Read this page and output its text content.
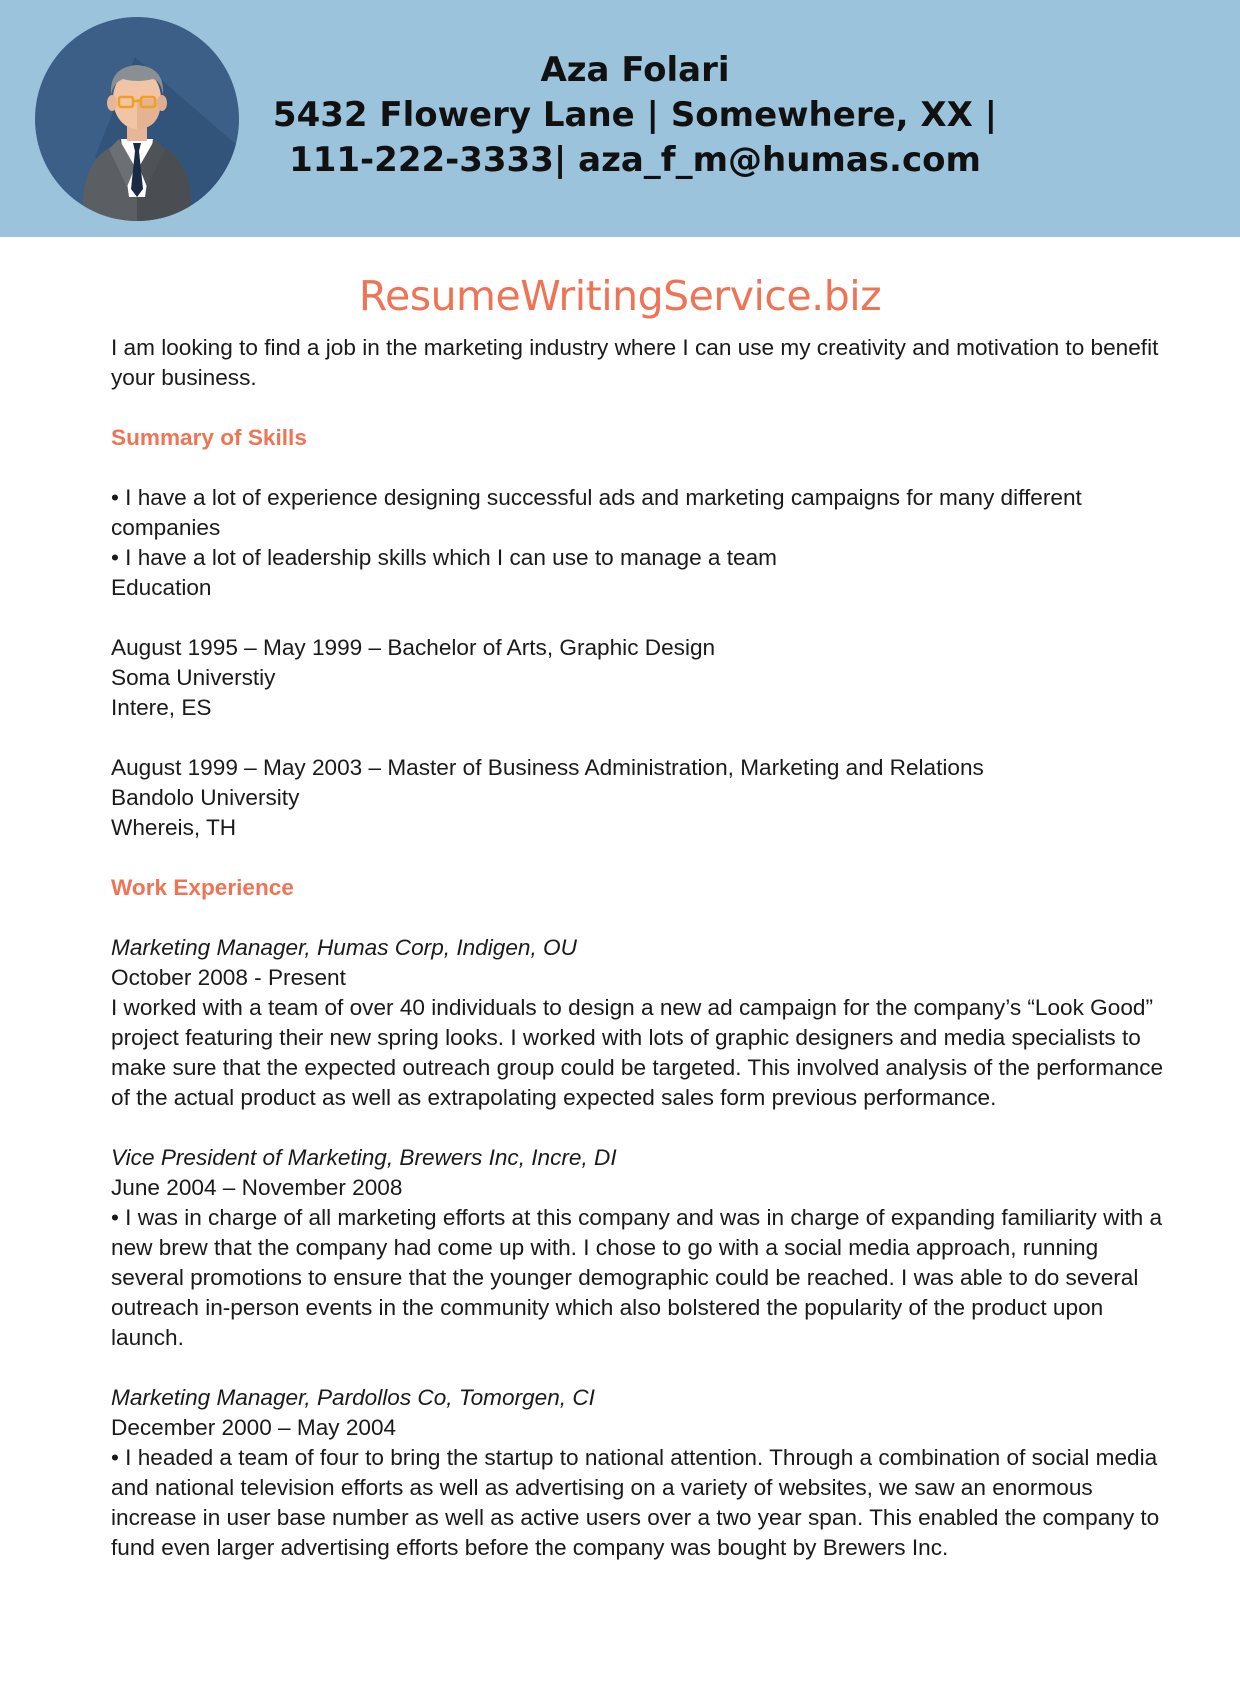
Aza Folari
5432 Flowery Lane | Somewhere, XX |
111-222-3333| aza_f_m@humas.com
ResumeWritingService.biz

I am looking to find a job in the marketing industry where I can use my creativity and motivation to benefit your business.

Summary of Skills

• I have a lot of experience designing successful ads and marketing campaigns for many different companies
• I have a lot of leadership skills which I can use to manage a team

Education

August 1995 – May 1999 – Bachelor of Arts, Graphic Design

Soma Universtiy

Intere, ES

August 1999 – May 2003 – Master of Business Administration, Marketing and Relations

Bandolo University

Whereis, TH

Work Experience

Marketing Manager, Humas Corp, Indigen, OU

October 2008 - Present

I worked with a team of over 40 individuals to design a new ad campaign for the company’s “Look Good” project featuring their new spring looks. I worked with lots of graphic designers and media specialists to make sure that the expected outreach group could be targeted. This involved analysis of the performance of the actual product as well as extrapolating expected sales form previous performance.

Vice President of Marketing, Brewers Inc, Incre, DI

June 2004 – November 2008

• I was in charge of all marketing efforts at this company and was in charge of expanding familiarity with a new brew that the company had come up with. I chose to go with a social media approach, running several promotions to ensure that the younger demographic could be reached. I was able to do several outreach in-person events in the community which also bolstered the popularity of the product upon launch.

Marketing Manager, Pardollos Co, Tomorgen, CI

December 2000 – May 2004

• I headed a team of four to bring the startup to national attention. Through a combination of social media and national television efforts as well as advertising on a variety of websites, we saw an enormous increase in user base number as well as active users over a two year span. This enabled the company to fund even larger advertising efforts before the company was bought by Brewers Inc.
